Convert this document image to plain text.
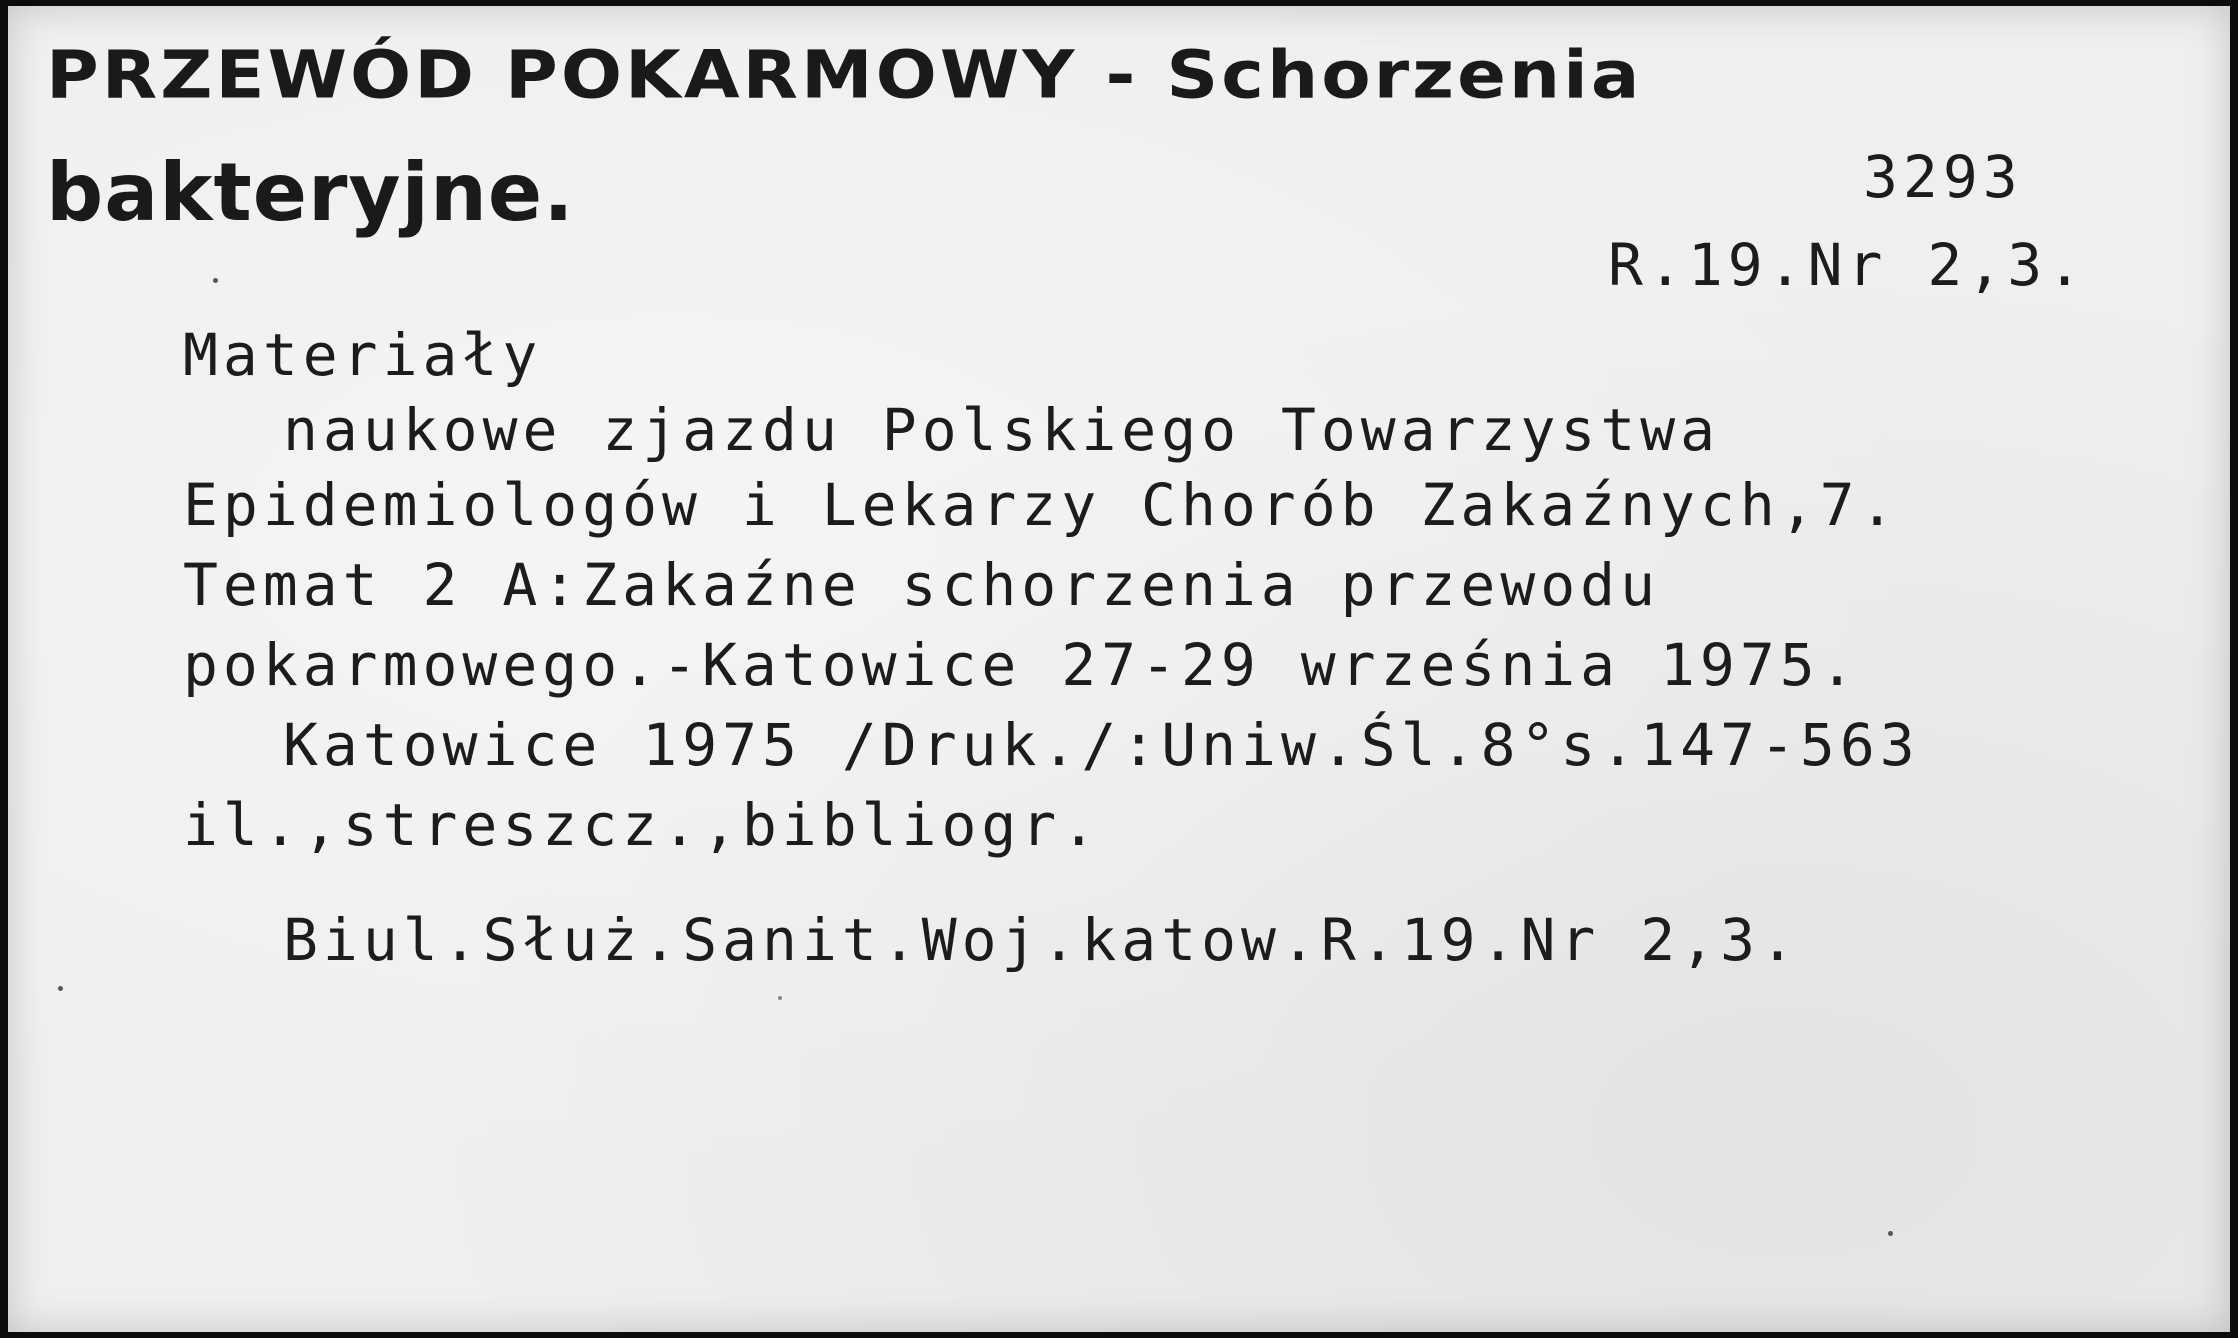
PRZEWÓD POKARMOWY - Schorzenia
bakteryjne.	3293
R.19.Nr 2,3.
Materiały
naukowe zjazdu Polskiego Towarzystwa
Epidemiologów i Lekarzy Chorób Zakaźnych,7.
Temat 2 A:Zakaźne schorzenia przewodu
pokarmowego.-Katowice 27-29 września 1975.
Katowice 1975 /Druk./:Uniw.Śl.8°s.147-563
il.,streszcz.,bibliogr.
Biul.Służ.Sanit.Woj.katow.R.19.Nr 2,3.
